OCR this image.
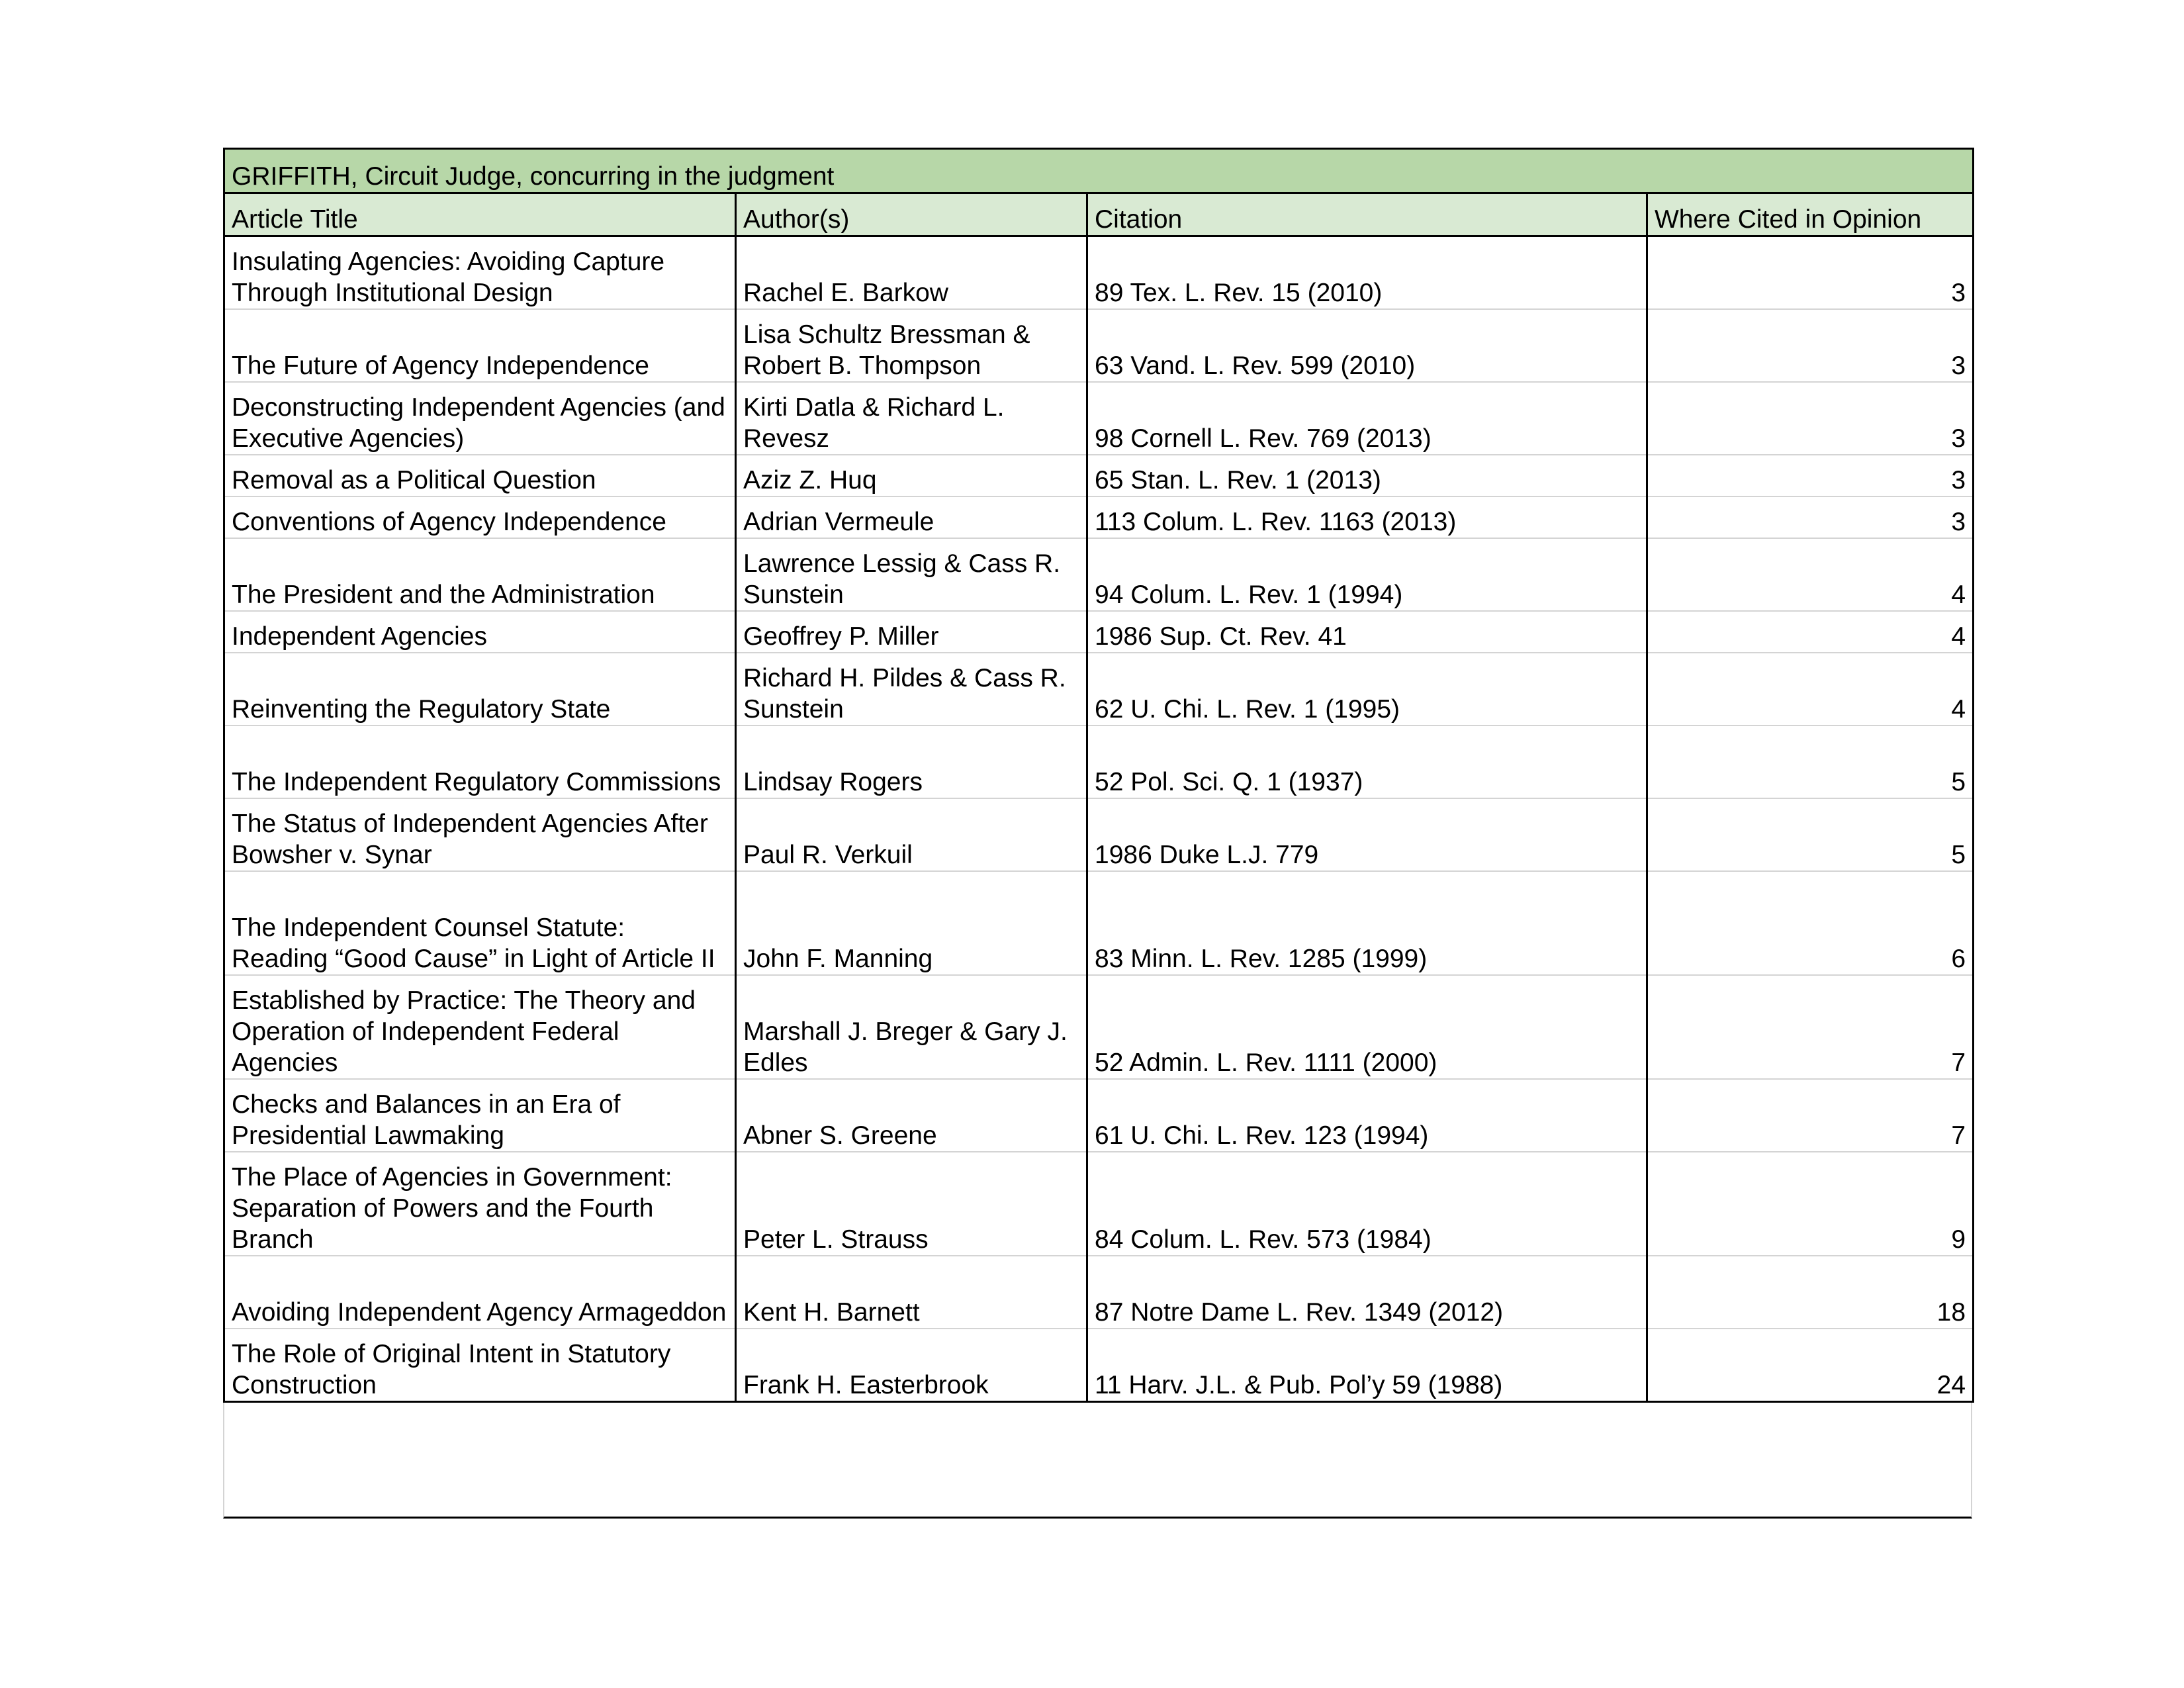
GRIFFITH, Circuit Judge, concurring in the judgment			
Article Title	Author(s)	Citation	Where Cited in Opinion
Insulating Agencies: Avoiding Capture Through Institutional Design	Rachel E. Barkow	89 Tex. L. Rev. 15 (2010)	3
The Future of Agency Independence	Lisa Schultz Bressman & Robert B. Thompson	63 Vand. L. Rev. 599 (2010)	3
Deconstructing Independent Agencies (and Executive Agencies)	Kirti Datla & Richard L. Revesz	98 Cornell L. Rev. 769 (2013)	3
Removal as a Political Question	Aziz Z. Huq	65 Stan. L. Rev. 1 (2013)	3
Conventions of Agency Independence	Adrian Vermeule	113 Colum. L. Rev. 1163 (2013)	3
The President and the Administration	Lawrence Lessig & Cass R. Sunstein	94 Colum. L. Rev. 1 (1994)	4
Independent Agencies	Geoffrey P. Miller	1986 Sup. Ct. Rev. 41	4
Reinventing the Regulatory State	Richard H. Pildes & Cass R. Sunstein	62 U. Chi. L. Rev. 1 (1995)	4
The Independent Regulatory Commissions	Lindsay Rogers	52 Pol. Sci. Q. 1 (1937)	5
The Status of Independent Agencies After Bowsher v. Synar	Paul R. Verkuil	1986 Duke L.J. 779	5
The Independent Counsel Statute: Reading “Good Cause” in Light of Article II	John F. Manning	83 Minn. L. Rev. 1285 (1999)	6
Established by Practice: The Theory and Operation of Independent Federal Agencies	Marshall J. Breger & Gary J. Edles	52 Admin. L. Rev. 1111 (2000)	7
Checks and Balances in an Era of Presidential Lawmaking	Abner S. Greene	61 U. Chi. L. Rev. 123 (1994)	7
The Place of Agencies in Government: Separation of Powers and the Fourth Branch	Peter L. Strauss	84 Colum. L. Rev. 573 (1984)	9
Avoiding Independent Agency Armageddon	Kent H. Barnett	87 Notre Dame L. Rev. 1349 (2012)	18
The Role of Original Intent in Statutory Construction	Frank H. Easterbrook	11 Harv. J.L. & Pub. Pol’y 59 (1988)	24
